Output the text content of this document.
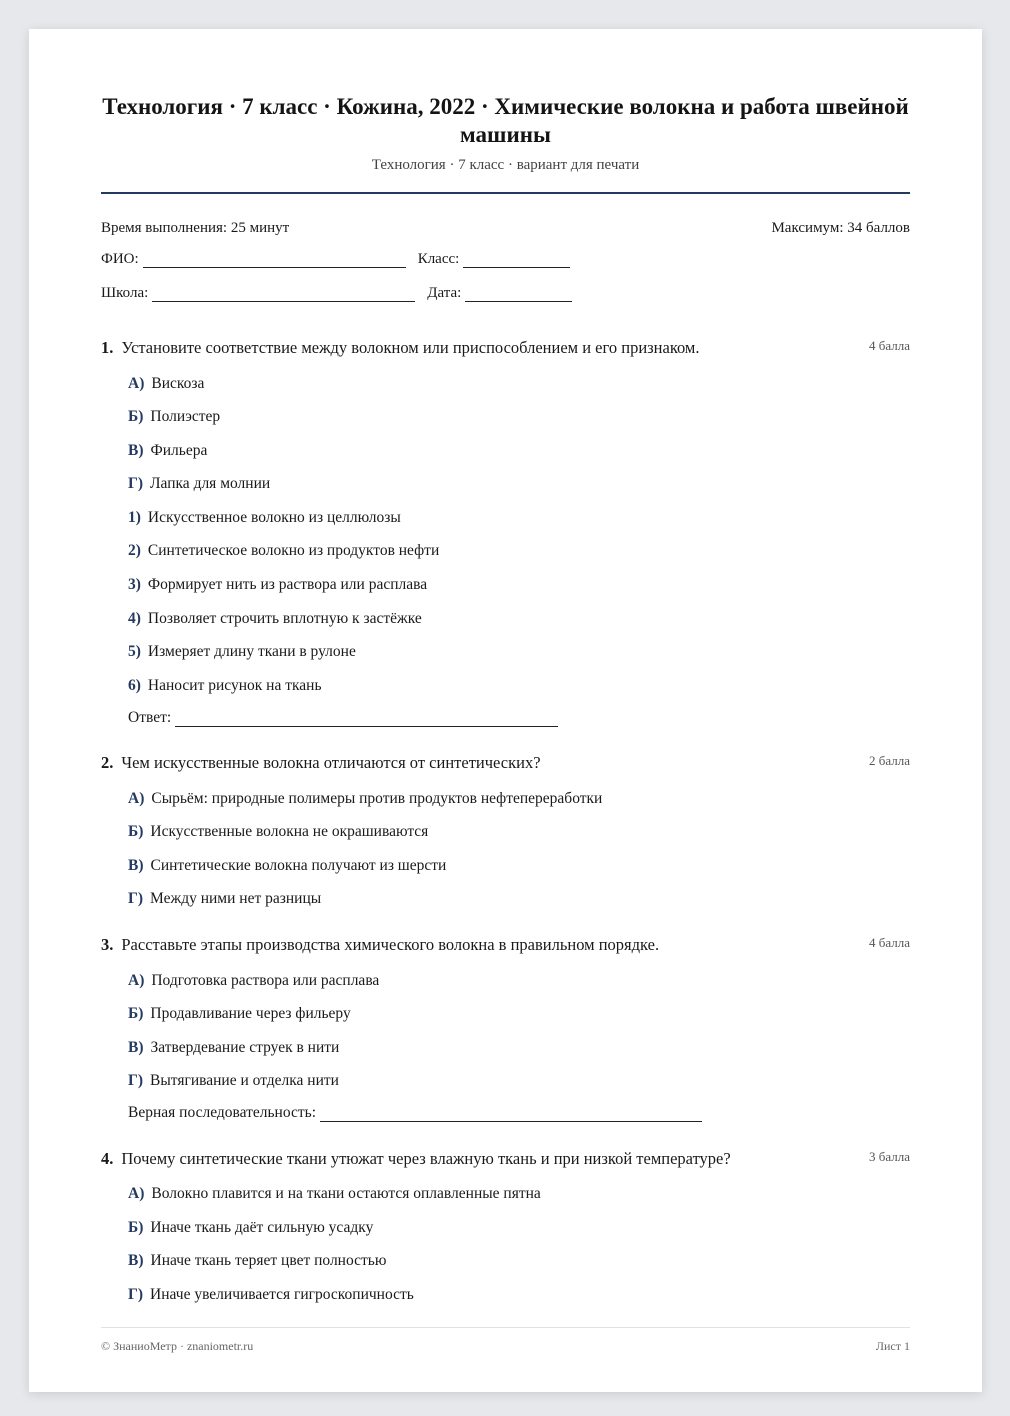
Технология · 7 класс · Кожина, 2022 · Химические волокна и работа швейной машины
Технология · 7 класс · вариант для печати
Время выполнения: 25 минут	Максимум: 34 баллов
ФИО:	Класс:
Школа:	Дата:
1. Установите соответствие между волокном или приспособлением и его признаком.	4 балла
А) Вискоза
Б) Полиэстер
В) Фильера
Г) Лапка для молнии
1) Искусственное волокно из целлюлозы
2) Синтетическое волокно из продуктов нефти
3) Формирует нить из раствора или расплава
4) Позволяет строчить вплотную к застёжке
5) Измеряет длину ткани в рулоне
6) Наносит рисунок на ткань
Ответ:
2. Чем искусственные волокна отличаются от синтетических?	2 балла
А) Сырьём: природные полимеры против продуктов нефтепереработки
Б) Искусственные волокна не окрашиваются
В) Синтетические волокна получают из шерсти
Г) Между ними нет разницы
3. Расставьте этапы производства химического волокна в правильном порядке.	4 балла
А) Подготовка раствора или расплава
Б) Продавливание через фильеру
В) Затвердевание струек в нити
Г) Вытягивание и отделка нити
Верная последовательность:
4. Почему синтетические ткани утюжат через влажную ткань и при низкой температуре?	3 балла
А) Волокно плавится и на ткани остаются оплавленные пятна
Б) Иначе ткань даёт сильную усадку
В) Иначе ткань теряет цвет полностью
Г) Иначе увеличивается гигроскопичность
© ЗнаниоМетр · znaniometr.ru	Лист 1
